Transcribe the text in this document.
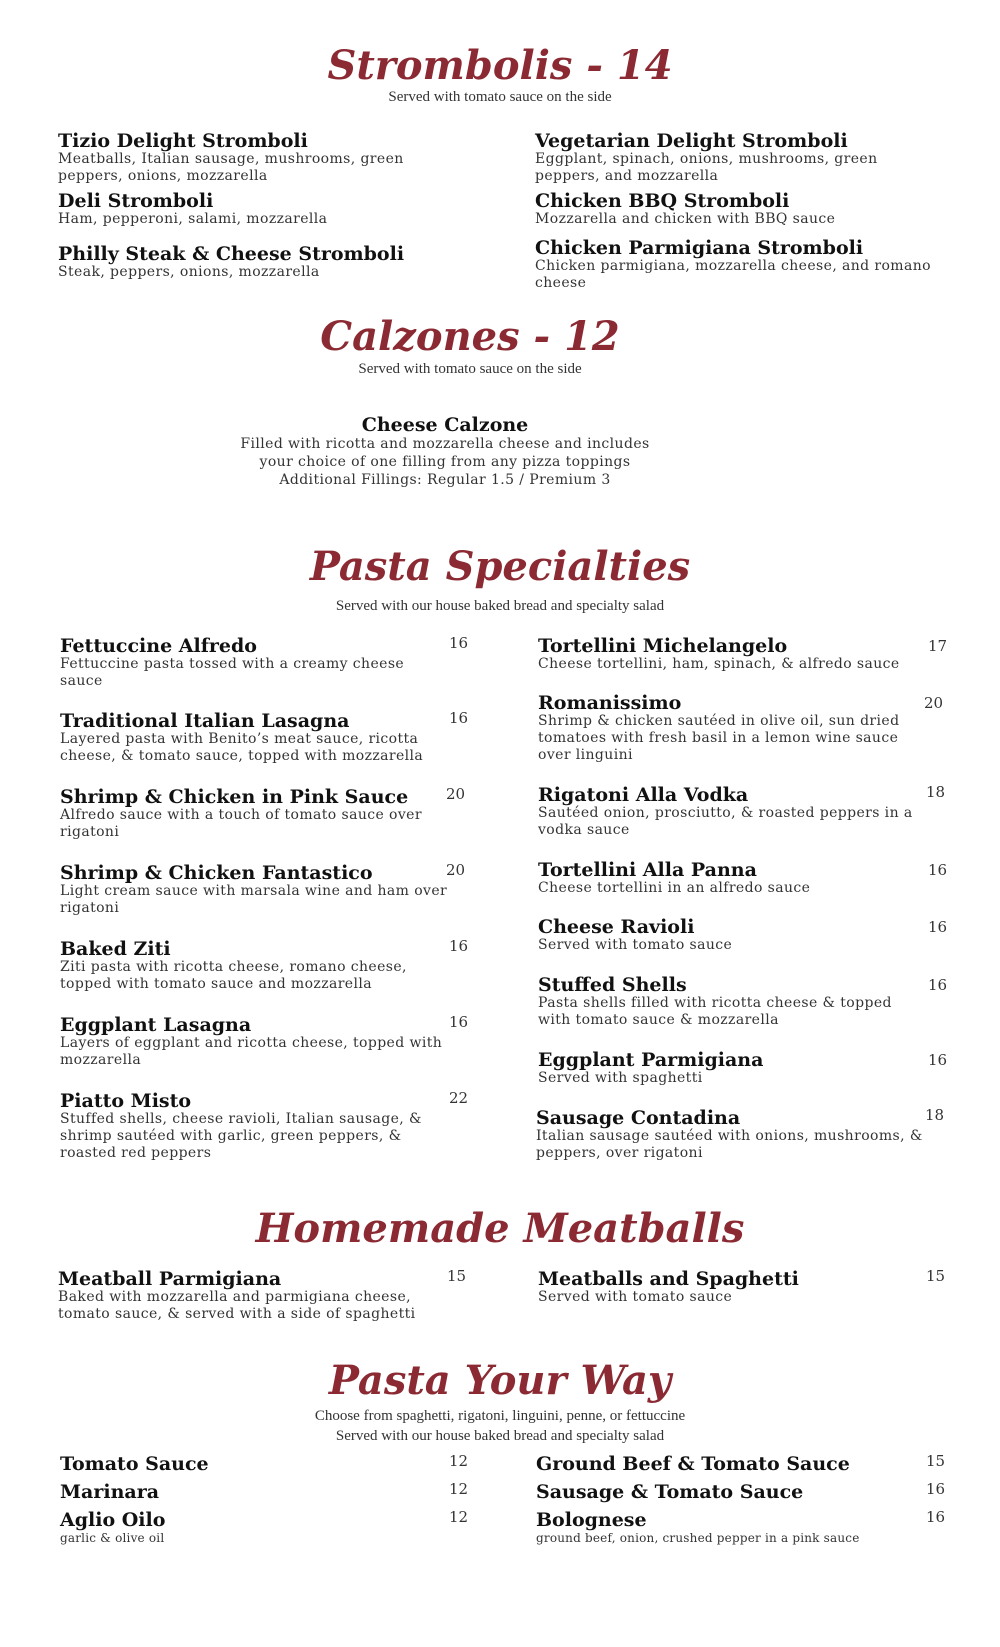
Strombolis - 14

Served with tomato sauce on the side

Tizio Delight Stromboli
Meatballs, Italian sausage, mushrooms, green peppers, onions, mozzarella
Deli Stromboli
Ham, pepperoni, salami, mozzarella
Philly Steak & Cheese Stromboli
Steak, peppers, onions, mozzarella
Vegetarian Delight Stromboli
Eggplant, spinach, onions, mushrooms, green peppers, and mozzarella
Chicken BBQ Stromboli
Mozzarella and chicken with BBQ sauce
Chicken Parmigiana Stromboli
Chicken parmigiana, mozzarella cheese, and romano cheese
Calzones - 12

Served with tomato sauce on the side

Cheese Calzone
Filled with ricotta and mozzarella cheese and includes
your choice of one filling from any pizza toppings
Additional Fillings: Regular 1.5 / Premium 3
Pasta Specialties

Served with our house baked bread and specialty salad

Fettuccine Alfredo
Fettuccine pasta tossed with a creamy cheese sauce
16
Traditional Italian Lasagna
Layered pasta with Benito’s meat sauce, ricotta cheese, & tomato sauce, topped with mozzarella
16
Shrimp & Chicken in Pink Sauce
Alfredo sauce with a touch of tomato sauce over rigatoni
20
Shrimp & Chicken Fantastico
Light cream sauce with marsala wine and ham over rigatoni
20
Baked Ziti
Ziti pasta with ricotta cheese, romano cheese, topped with tomato sauce and mozzarella
16
Eggplant Lasagna
Layers of eggplant and ricotta cheese, topped with mozzarella
16
Piatto Misto
Stuffed shells, cheese ravioli, Italian sausage, & shrimp sautéed with garlic, green peppers, & roasted red peppers
22
Tortellini Michelangelo
Cheese tortellini, ham, spinach, & alfredo sauce
17
Romanissimo
Shrimp & chicken sautéed in olive oil, sun dried tomatoes with fresh basil in a lemon wine sauce over linguini
20
Rigatoni Alla Vodka
Sautéed onion, prosciutto, & roasted peppers in a vodka sauce
18
Tortellini Alla Panna
Cheese tortellini in an alfredo sauce
16
Cheese Ravioli
Served with tomato sauce
16
Stuffed Shells
Pasta shells filled with ricotta cheese & topped with tomato sauce & mozzarella
16
Eggplant Parmigiana
Served with spaghetti
16
Sausage Contadina
Italian sausage sautéed with onions, mushrooms, & peppers, over rigatoni
18
Homemade Meatballs
Meatball Parmigiana
Baked with mozzarella and parmigiana cheese, tomato sauce, & served with a side of spaghetti
15	Meatballs and Spaghetti
Served with tomato sauce
15
Pasta Your Way

Choose from spaghetti, rigatoni, linguini, penne, or fettuccine

Served with our house baked bread and specialty salad

Tomato Sauce	12
Marinara	12
Aglio Oilo
garlic & olive oil
12
Ground Beef & Tomato Sauce	15
Sausage & Tomato Sauce	16
Bolognese
ground beef, onion, crushed pepper in a pink sauce
16
